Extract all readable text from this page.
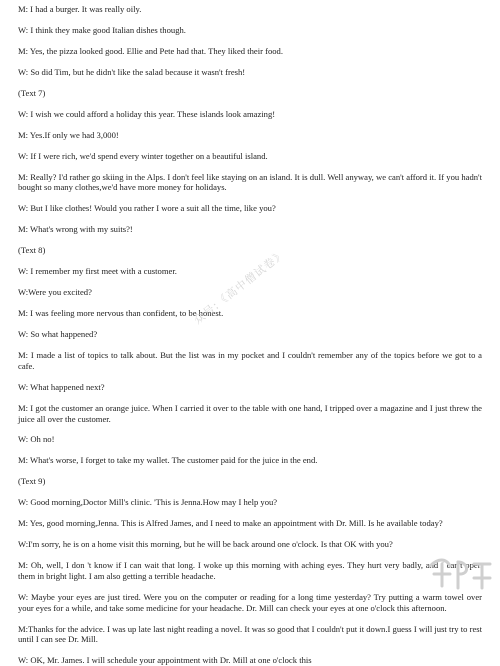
M: I had a burger. It was really oily.

W: I think they make good Italian dishes though.

M: Yes, the pizza looked good. Ellie and Pete had that. They liked their food.

W: So did Tim, but he didn't like the salad because it wasn't fresh!

(Text 7)

W: I wish we could afford a holiday this year. These islands look amazing!

M: Yes.If only we had 3,000!

W: If I were rich, we'd spend every winter together on a beautiful island.

M: Really? I'd rather go skiing in the Alps. I don't feel like staying on an island. It is dull. Well anyway, we can't afford it. If you hadn't bought so many clothes,we'd have more money for holidays.

W: But I like clothes! Would you rather I wore a suit all the time, like you?

M: What's wrong with my suits?!

(Text 8)

W: I remember my first meet with a customer.

W:Were you excited?

M: I was feeling more nervous than confident, to be honest.

W: So what happened?

M: I made a list of topics to talk about. But the list was in my pocket and I couldn't remember any of the topics before we got to a cafe.

W: What happened next?

M: I got the customer an orange juice. When I carried it over to the table with one hand, I tripped over a magazine and I just threw the juice all over the customer.

W: Oh no!

M: What's worse, I forget to take my wallet. The customer paid for the juice in the end.

(Text 9)

W: Good morning,Doctor Mill's clinic. 'This is Jenna.How may I help you?

M: Yes, good morning,Jenna. This is Alfred James, and I need to make an appointment with Dr. Mill. Is he available today?

W:I'm sorry, he is on a home visit this morning, but he will be back around one o'clock. Is that OK with you?

M: Oh, well, I don 't know if I can wait that long. I woke up this morning with aching eyes. They hurt very badly, and I can't open them in bright light. I am also getting a terrible headache.

W: Maybe your eyes are just tired. Were you on the computer or reading for a long time yesterday? Try putting a warm towel over your eyes for a while, and take some medicine for your headache. Dr. Mill can check your eyes at one o'clock this afternoon.

M:Thanks for the advice. I was up late last night reading a novel. It was so good that I couldn't put it down.I guess I will just try to rest until I can see Dr. Mill.

W: OK, Mr. James. I will schedule your appointment with Dr. Mill at one o'clock this

众号:《高中僧试卷》
